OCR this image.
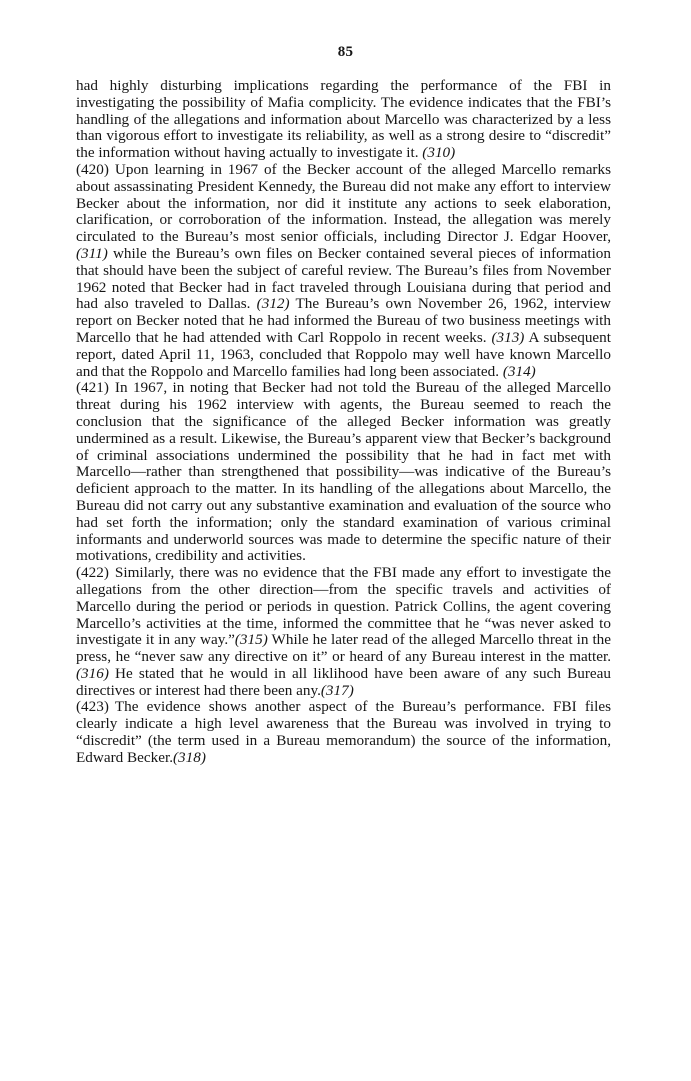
85

had highly disturbing implications regarding the performance of the FBI in investigating the possibility of Mafia complicity. The evidence indicates that the FBI’s handling of the allegations and information about Marcello was characterized by a less than vigorous effort to investigate its reliability, as well as a strong desire to “discredit” the information without having actually to investigate it. (310)

(420) Upon learning in 1967 of the Becker account of the alleged Marcello remarks about assassinating President Kennedy, the Bureau did not make any effort to interview Becker about the information, nor did it institute any actions to seek elaboration, clarification, or corroboration of the information. Instead, the allegation was merely circulated to the Bureau’s most senior officials, including Director J. Edgar Hoover,(311) while the Bureau’s own files on Becker contained several pieces of information that should have been the subject of careful review. The Bureau’s files from November 1962 noted that Becker had in fact traveled through Louisiana during that period and had also traveled to Dallas. (312) The Bureau’s own November 26, 1962, interview report on Becker noted that he had informed the Bureau of two business meetings with Marcello that he had attended with Carl Roppolo in recent weeks. (313) A subsequent report, dated April 11, 1963, concluded that Roppolo may well have known Marcello and that the Roppolo and Marcello families had long been associated. (314)

(421) In 1967, in noting that Becker had not told the Bureau of the alleged Marcello threat during his 1962 interview with agents, the Bureau seemed to reach the conclusion that the significance of the alleged Becker information was greatly undermined as a result. Likewise, the Bureau’s apparent view that Becker’s background of criminal associations undermined the possibility that he had in fact met with Marcello—rather than strengthened that possibility—was indicative of the Bureau’s deficient approach to the matter. In its handling of the allegations about Marcello, the Bureau did not carry out any substantive examination and evaluation of the source who had set forth the information; only the standard examination of various criminal informants and underworld sources was made to determine the specific nature of their motivations, credibility and activities.

(422) Similarly, there was no evidence that the FBI made any effort to investigate the allegations from the other direction—from the specific travels and activities of Marcello during the period or periods in question. Patrick Collins, the agent covering Marcello’s activities at the time, informed the committee that he “was never asked to investigate it in any way.”(315) While he later read of the alleged Marcello threat in the press, he “never saw any directive on it” or heard of any Bureau interest in the matter.(316) He stated that he would in all liklihood have been aware of any such Bureau directives or interest had there been any.(317)

(423) The evidence shows another aspect of the Bureau’s performance. FBI files clearly indicate a high level awareness that the Bureau was involved in trying to “discredit” (the term used in a Bureau memorandum) the source of the information, Edward Becker.(318)
